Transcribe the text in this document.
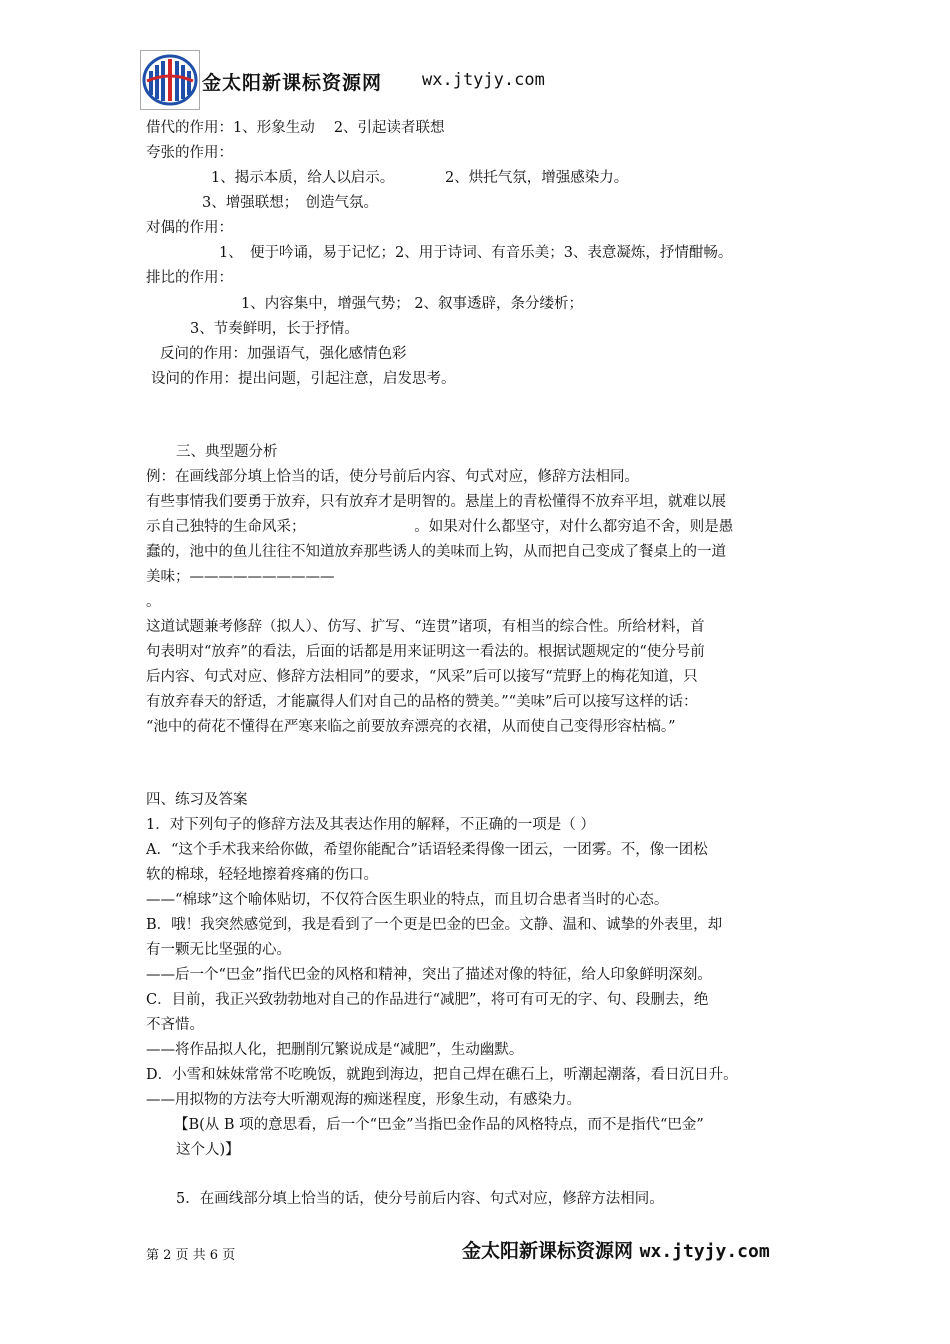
金太阳新课标资源网 wx.jtyjy.com
借代的作用：1、形象生动　 2、引起读者联想
夸张的作用：
1、揭示本质，给人以启示。　　　　2、烘托气氛，增强感染力。
3、增强联想；　创造气氛。
对偶的作用：
1、　便于吟诵，易于记忆；2、用于诗词、有音乐美；3、表意凝炼，抒情酣畅。
排比的作用：
1、内容集中，增强气势； 2、叙事透辟，条分缕析；
3、节奏鲜明，长于抒情。
反问的作用：加强语气，强化感情色彩
设问的作用：提出问题，引起注意，启发思考。
三、典型题分析
例：在画线部分填上恰当的话，使分号前后内容、句式对应，修辞方法相同。
有些事情我们要勇于放弃，只有放弃才是明智的。悬崖上的青松懂得不放弃平坦，就难以展
示自己独特的生命风采；　　　　　　　　。如果对什么都坚守，对什么都穷追不舍，则是愚
蠢的，池中的鱼儿往往不知道放弃那些诱人的美味而上钩，从而把自己变成了餐桌上的一道
美味；——————————
。
这道试题兼考修辞（拟人）、仿写、扩写、“连贯”诸项，有相当的综合性。所给材料，首
句表明对“放弃”的看法，后面的话都是用来证明这一看法的。根据试题规定的“使分号前
后内容、句式对应、修辞方法相同”的要求，“风采”后可以接写“荒野上的梅花知道，只
有放弃春天的舒适，才能赢得人们对自己的品格的赞美。”“美味”后可以接写这样的话：
“池中的荷花不懂得在严寒来临之前要放弃漂亮的衣裙，从而使自己变得形容枯槁。”
四、练习及答案
1．对下列句子的修辞方法及其表达作用的解释，不正确的一项是（ ）
A．“这个手术我来给你做，希望你能配合”话语轻柔得像一团云，一团雾。不，像一团松
软的棉球，轻轻地擦着疼痛的伤口。
——“棉球”这个喻体贴切，不仅符合医生职业的特点，而且切合患者当时的心态。
B．哦！我突然感觉到，我是看到了一个更是巴金的巴金。文静、温和、诚挚的外表里，却
有一颗无比坚强的心。
——后一个“巴金”指代巴金的风格和精神，突出了描述对像的特征，给人印象鲜明深刻。
C．目前，我正兴致勃勃地对自己的作品进行“减肥”，将可有可无的字、句、段删去，绝
不吝惜。
——将作品拟人化，把删削冗繁说成是“减肥”，生动幽默。
D．小雪和妹妹常常不吃晚饭，就跑到海边，把自己焊在礁石上，听潮起潮落，看日沉日升。
——用拟物的方法夸大听潮观海的痴迷程度，形象生动，有感染力。
【B(从 B 项的意思看，后一个“巴金”当指巴金作品的风格特点，而不是指代“巴金”
这个人)】
5．在画线部分填上恰当的话，使分号前后内容、句式对应，修辞方法相同。
第 2 页 共 6 页	金太阳新课标资源网 wx.jtyjy.com
